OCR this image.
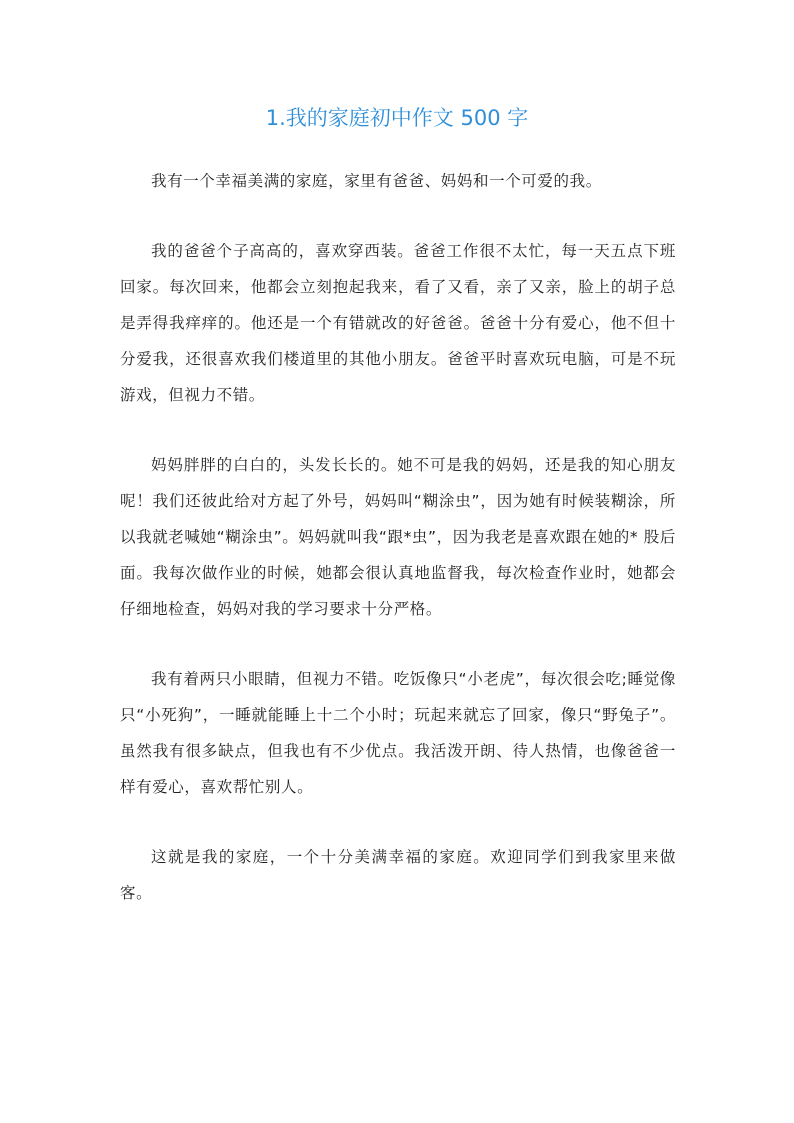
1.我的家庭初中作文 500 字

我有一个幸福美满的家庭，家里有爸爸、妈妈和一个可爱的我。

我的爸爸个子高高的，喜欢穿西装。爸爸工作很不太忙，每一天五点下班回家。每次回来，他都会立刻抱起我来，看了又看，亲了又亲，脸上的胡子总是弄得我痒痒的。他还是一个有错就改的好爸爸。爸爸十分有爱心，他不但十分爱我，还很喜欢我们楼道里的其他小朋友。爸爸平时喜欢玩电脑，可是不玩游戏，但视力不错。

妈妈胖胖的白白的，头发长长的。她不可是我的妈妈，还是我的知心朋友呢！我们还彼此给对方起了外号，妈妈叫“糊涂虫”，因为她有时候装糊涂，所以我就老喊她“糊涂虫”。妈妈就叫我“跟*虫”，因为我老是喜欢跟在她的* 股后面。我每次做作业的时候，她都会很认真地监督我，每次检查作业时，她都会仔细地检查，妈妈对我的学习要求十分严格。

我有着两只小眼睛，但视力不错。吃饭像只“小老虎”，每次很会吃;睡觉像只“小死狗”，一睡就能睡上十二个小时；玩起来就忘了回家，像只“野兔子”。虽然我有很多缺点，但我也有不少优点。我活泼开朗、待人热情，也像爸爸一样有爱心，喜欢帮忙别人。

这就是我的家庭，一个十分美满幸福的家庭。欢迎同学们到我家里来做客。
